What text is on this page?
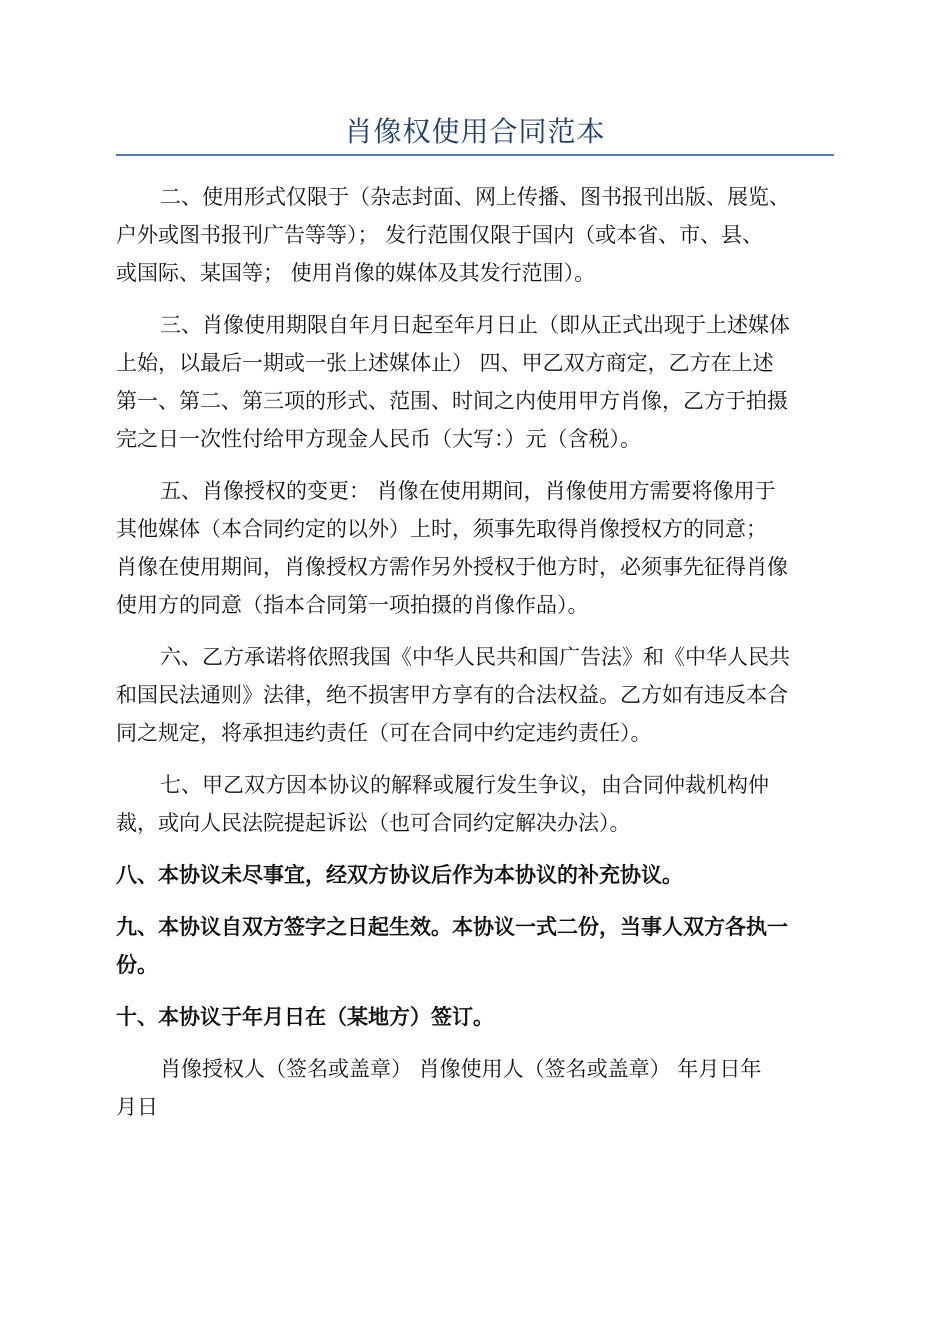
肖像权使用合同范本

二、使用形式仅限于（杂志封面、网上传播、图书报刊出版、展览、
户外或图书报刊广告等等）； 发行范围仅限于国内（或本省、市、县、
或国际、某国等； 使用肖像的媒体及其发行范围）。

三、肖像使用期限自年月日起至年月日止（即从正式出现于上述媒体
上始，以最后一期或一张上述媒体止） 四、甲乙双方商定，乙方在上述
第一、第二、第三项的形式、范围、时间之内使用甲方肖像，乙方于拍摄
完之日一次性付给甲方现金人民币（大写：）元（含税）。

五、肖像授权的变更： 肖像在使用期间，肖像使用方需要将像用于
其他媒体（本合同约定的以外）上时，须事先取得肖像授权方的同意；
肖像在使用期间，肖像授权方需作另外授权于他方时，必须事先征得肖像
使用方的同意（指本合同第一项拍摄的肖像作品）。

六、乙方承诺将依照我国《中华人民共和国广告法》和《中华人民共
和国民法通则》法律，绝不损害甲方享有的合法权益。乙方如有违反本合
同之规定，将承担违约责任（可在合同中约定违约责任）。

七、甲乙双方因本协议的解释或履行发生争议，由合同仲裁机构仲
裁，或向人民法院提起诉讼（也可合同约定解决办法）。

八、本协议未尽事宜，经双方协议后作为本协议的补充协议。

九、本协议自双方签字之日起生效。本协议一式二份，当事人双方各执一
份。

十、本协议于年月日在（某地方）签订。

肖像授权人（签名或盖章） 肖像使用人（签名或盖章） 年月日年
月日
